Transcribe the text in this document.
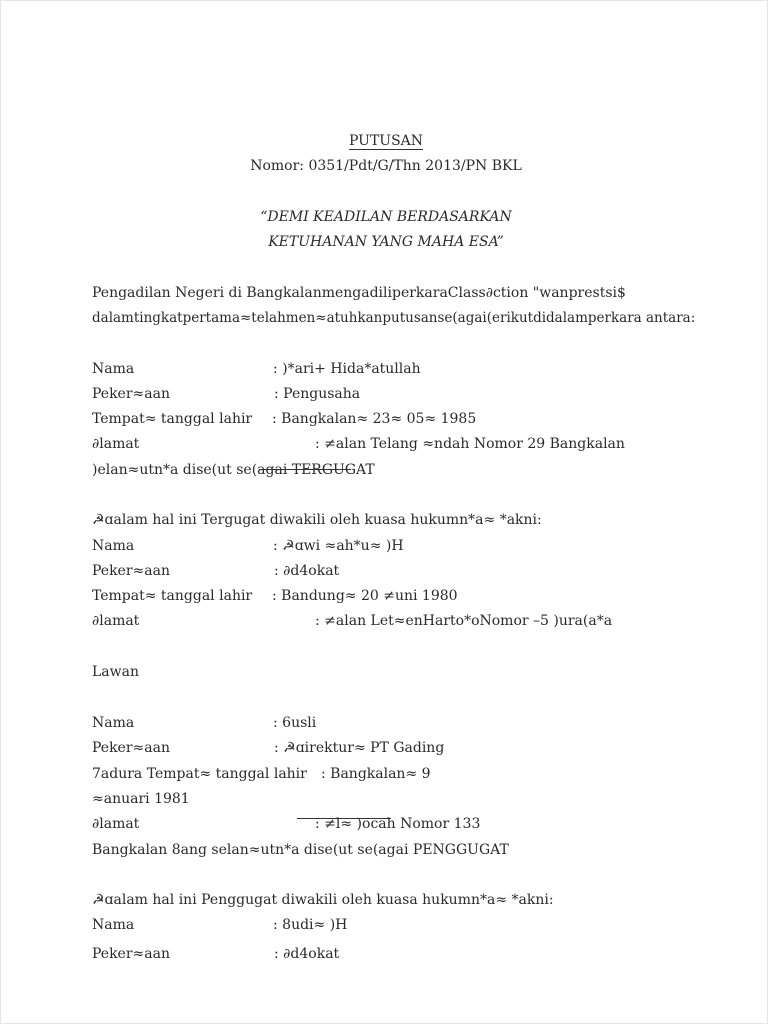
PUTUSAN
Nomor: 0351/Pdt/G/Thn 2013/PN BKL
“DEMI KEADILAN BERDASARKAN
KETUHANAN YANG MAHA ESA”
Pengadilan Negeri di BangkalanmengadiliperkaraClass∂ction "wanprestsi$
dalamtingkatpertama≈telahmen≈atuhkanputusanse(agai(erikutdidalamperkara antara:
Nama	: )*ari+ Hida*atullah
Peker≈aan	: Pengusaha
Tempat≈ tanggal lahir : Bangkalan≈ 23≈ 05≈ 1985
∂lamat	: ≠alan Telang ≈ndah Nomor 29 Bangkalan
)elan≈utn*a dise(ut se(agai TERGUGAT
☭ɑalam hal ini Tergugat diwakili oleh kuasa hukumn*a≈ *akni:
Nama	: ☭ɑwi ≈ah*u≈ )H
Peker≈aan	: ∂d4okat
Tempat≈ tanggal lahir : Bandung≈ 20 ≠uni 1980
∂lamat	: ≠alan Let≈enHarto*oNomor –5 )ura(a*a
Lawan
Nama	: 6usli
Peker≈aan	: ☭ɑirektur≈ PT Gading
7adura Tempat≈ tanggal lahir : Bangkalan≈ 9
≈anuari 1981
∂lamat	: ≠l≈ )ocah Nomor 133
Bangkalan 8ang selan≈utn*a dise(ut se(agai PENGGUGAT
☭ɑalam hal ini Penggugat diwakili oleh kuasa hukumn*a≈ *akni:
Nama	: 8udi≈ )H
Peker≈aan	: ∂d4okat
